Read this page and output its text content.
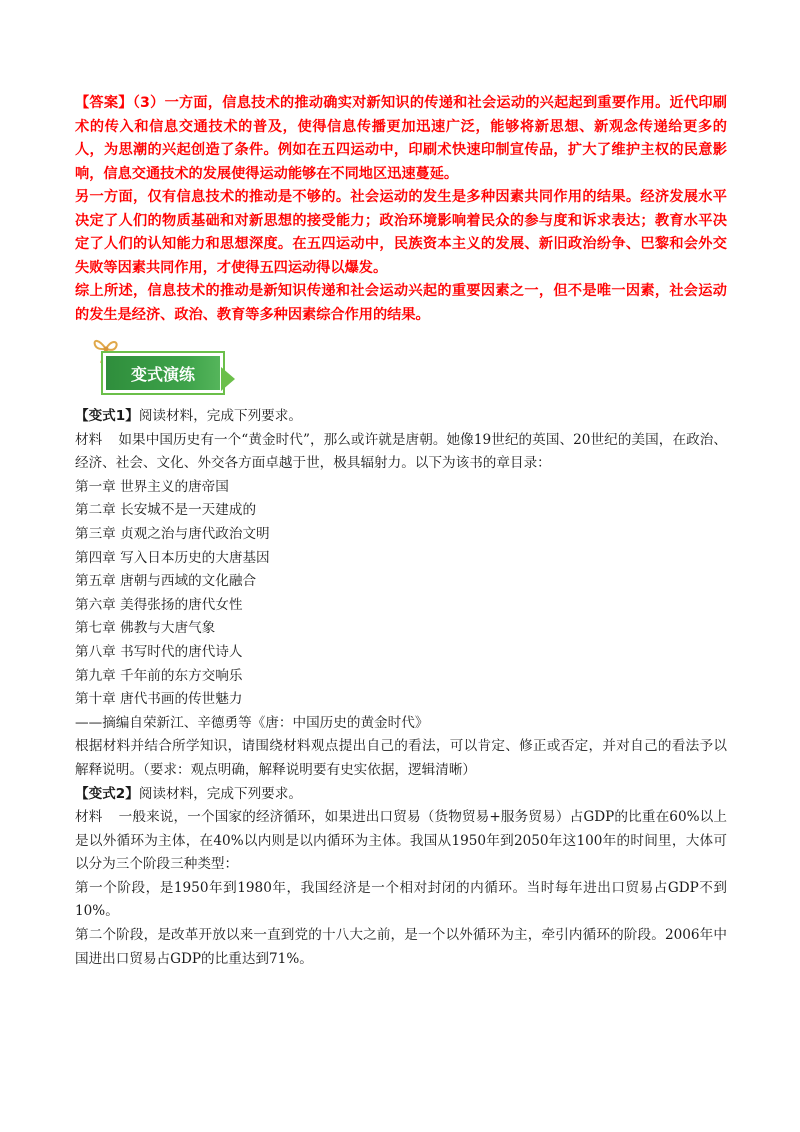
【答案】（3）一方面，信息技术的推动确实对新知识的传递和社会运动的兴起起到重要作用。近代印刷术的传入和信息交通技术的普及，使得信息传播更加迅速广泛，能够将新思想、新观念传递给更多的人，为思潮的兴起创造了条件。例如在五四运动中，印刷术快速印制宣传品，扩大了维护主权的民意影响，信息交通技术的发展使得运动能够在不同地区迅速蔓延。

另一方面，仅有信息技术的推动是不够的。社会运动的发生是多种因素共同作用的结果。经济发展水平决定了人们的物质基础和对新思想的接受能力；政治环境影响着民众的参与度和诉求表达；教育水平决定了人们的认知能力和思想深度。在五四运动中，民族资本主义的发展、新旧政治纷争、巴黎和会外交失败等因素共同作用，才使得五四运动得以爆发。

综上所述，信息技术的推动是新知识传递和社会运动兴起的重要因素之一，但不是唯一因素，社会运动的发生是经济、政治、教育等多种因素综合作用的结果。

变式演练

【变式1】阅读材料，完成下列要求。

材料 如果中国历史有一个“黄金时代”，那么或许就是唐朝。她像19世纪的英国、20世纪的美国，在政治、经济、社会、文化、外交各方面卓越于世，极具辐射力。以下为该书的章目录：

第一章 世界主义的唐帝国

第二章 长安城不是一天建成的

第三章 贞观之治与唐代政治文明

第四章 写入日本历史的大唐基因

第五章 唐朝与西域的文化融合

第六章 美得张扬的唐代女性

第七章 佛教与大唐气象

第八章 书写时代的唐代诗人

第九章 千年前的东方交响乐

第十章 唐代书画的传世魅力

——摘编自荣新江、辛德勇等《唐：中国历史的黄金时代》

根据材料并结合所学知识，请围绕材料观点提出自己的看法，可以肯定、修正或否定，并对自己的看法予以解释说明。（要求：观点明确，解释说明要有史实依据，逻辑清晰）

【变式2】阅读材料，完成下列要求。

材料 一般来说，一个国家的经济循环，如果进出口贸易（货物贸易+服务贸易）占GDP的比重在60%以上是以外循环为主体，在40%以内则是以内循环为主体。我国从1950年到2050年这100年的时间里，大体可以分为三个阶段三种类型：

第一个阶段，是1950年到1980年，我国经济是一个相对封闭的内循环。当时每年进出口贸易占GDP不到10%。

第二个阶段，是改革开放以来一直到党的十八大之前，是一个以外循环为主，牵引内循环的阶段。2006年中国进出口贸易占GDP的比重达到71%。
